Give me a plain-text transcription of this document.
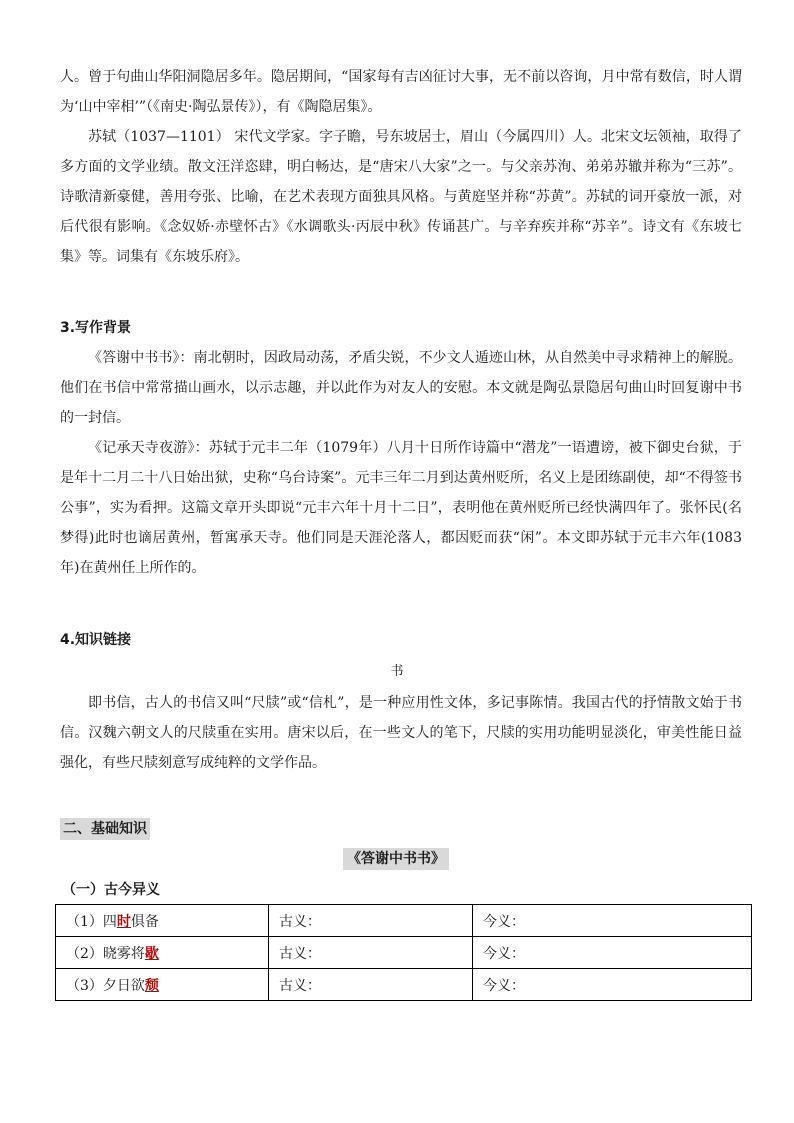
人。曾于句曲山华阳洞隐居多年。隐居期间，“国家每有吉凶征讨大事，无不前以咨询，月中常有数信，时人谓为‘山中宰相’”（《南史·陶弘景传》），有《陶隐居集》。

苏轼（1037—1101） 宋代文学家。字子瞻，号东坡居士，眉山（今属四川）人。北宋文坛领袖，取得了多方面的文学业绩。散文汪洋恣肆，明白畅达，是“唐宋八大家”之一。与父亲苏洵、弟弟苏辙并称为“三苏”。诗歌清新豪健，善用夸张、比喻，在艺术表现方面独具风格。与黄庭坚并称“苏黄”。苏轼的词开豪放一派，对后代很有影响。《念奴娇·赤壁怀古》《水调歌头·丙辰中秋》传诵甚广。与辛弃疾并称“苏辛”。诗文有《东坡七集》等。词集有《东坡乐府》。

3.写作背景

《答谢中书书》：南北朝时，因政局动荡，矛盾尖锐，不少文人遁迹山林，从自然美中寻求精神上的解脱。他们在书信中常常描山画水，以示志趣，并以此作为对友人的安慰。本文就是陶弘景隐居句曲山时回复谢中书的一封信。

《记承天寺夜游》：苏轼于元丰二年（1079年）八月十日所作诗篇中“潜龙”一语遭谤，被下御史台狱，于是年十二月二十八日始出狱，史称“乌台诗案”。元丰三年二月到达黄州贬所，名义上是团练副使，却“不得签书公事”，实为看押。这篇文章开头即说“元丰六年十月十二日”，表明他在黄州贬所已经快满四年了。张怀民(名梦得)此时也谪居黄州，暂寓承天寺。他们同是天涯沦落人，都因贬而获“闲”。本文即苏轼于元丰六年(1083年)在黄州任上所作的。

4.知识链接
书

即书信，古人的书信又叫“尺牍”或“信札”，是一种应用性文体，多记事陈情。我国古代的抒情散文始于书信。汉魏六朝文人的尺牍重在实用。唐宋以后，在一些文人的笔下，尺牍的实用功能明显淡化，审美性能日益强化，有些尺牍刻意写成纯粹的文学作品。

二、基础知识
《答谢中书书》
（一）古今异义
（1）四时俱备	古义：	今义：
（2）晓雾将歇	古义：	今义：
（3）夕日欲颓	古义：	今义：
